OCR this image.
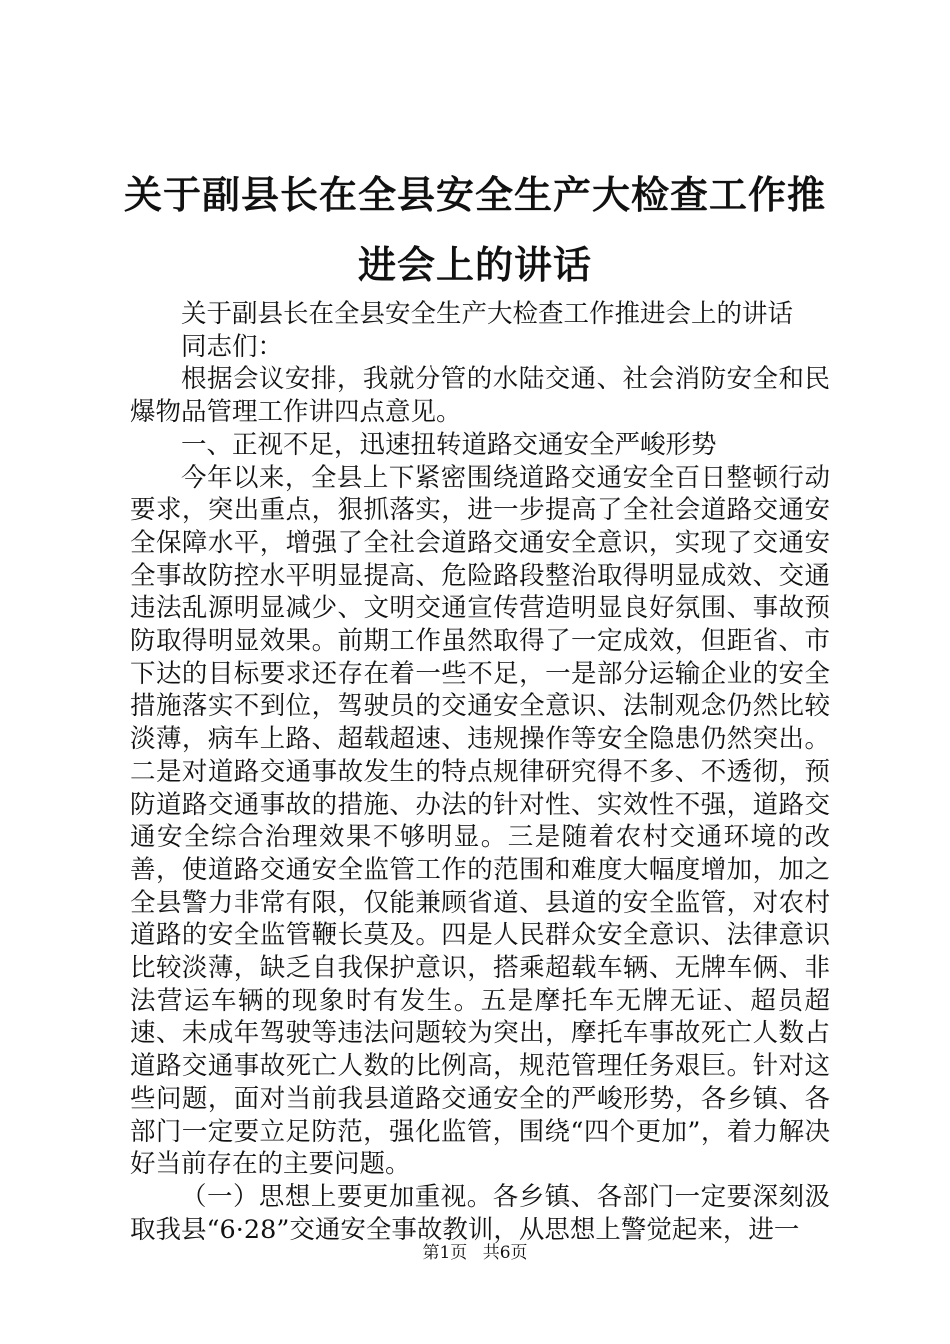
关于副县长在全县安全生产大检查工作推进会上的讲话

关于副县长在全县安全生产大检查工作推进会上的讲话

同志们：

根据会议安排，我就分管的水陆交通、社会消防安全和民爆物品管理工作讲四点意见。

一、正视不足，迅速扭转道路交通安全严峻形势

今年以来，全县上下紧密围绕道路交通安全百日整顿行动要求，突出重点，狠抓落实，进一步提高了全社会道路交通安全保障水平，增强了全社会道路交通安全意识，实现了交通安全事故防控水平明显提高、危险路段整治取得明显成效、交通违法乱源明显减少、文明交通宣传营造明显良好氛围、事故预防取得明显效果。前期工作虽然取得了一定成效，但距省、市下达的目标要求还存在着一些不足，一是部分运输企业的安全措施落实不到位，驾驶员的交通安全意识、法制观念仍然比较淡薄，病车上路、超载超速、违规操作等安全隐患仍然突出。二是对道路交通事故发生的特点规律研究得不多、不透彻，预防道路交通事故的措施、办法的针对性、实效性不强，道路交通安全综合治理效果不够明显。三是随着农村交通环境的改善，使道路交通安全监管工作的范围和难度大幅度增加，加之全县警力非常有限，仅能兼顾省道、县道的安全监管，对农村道路的安全监管鞭长莫及。四是人民群众安全意识、法律意识比较淡薄，缺乏自我保护意识，搭乘超载车辆、无牌车俩、非法营运车辆的现象时有发生。五是摩托车无牌无证、超员超速、未成年驾驶等违法问题较为突出，摩托车事故死亡人数占道路交通事故死亡人数的比例高，规范管理任务艰巨。针对这些问题，面对当前我县道路交通安全的严峻形势，各乡镇、各部门一定要立足防范，强化监管，围绕“四个更加”，着力解决好当前存在的主要问题。

（一）思想上要更加重视。各乡镇、各部门一定要深刻汲取我县“6·28”交通安全事故教训，从思想上警觉起来，进一

第1页 共6页
